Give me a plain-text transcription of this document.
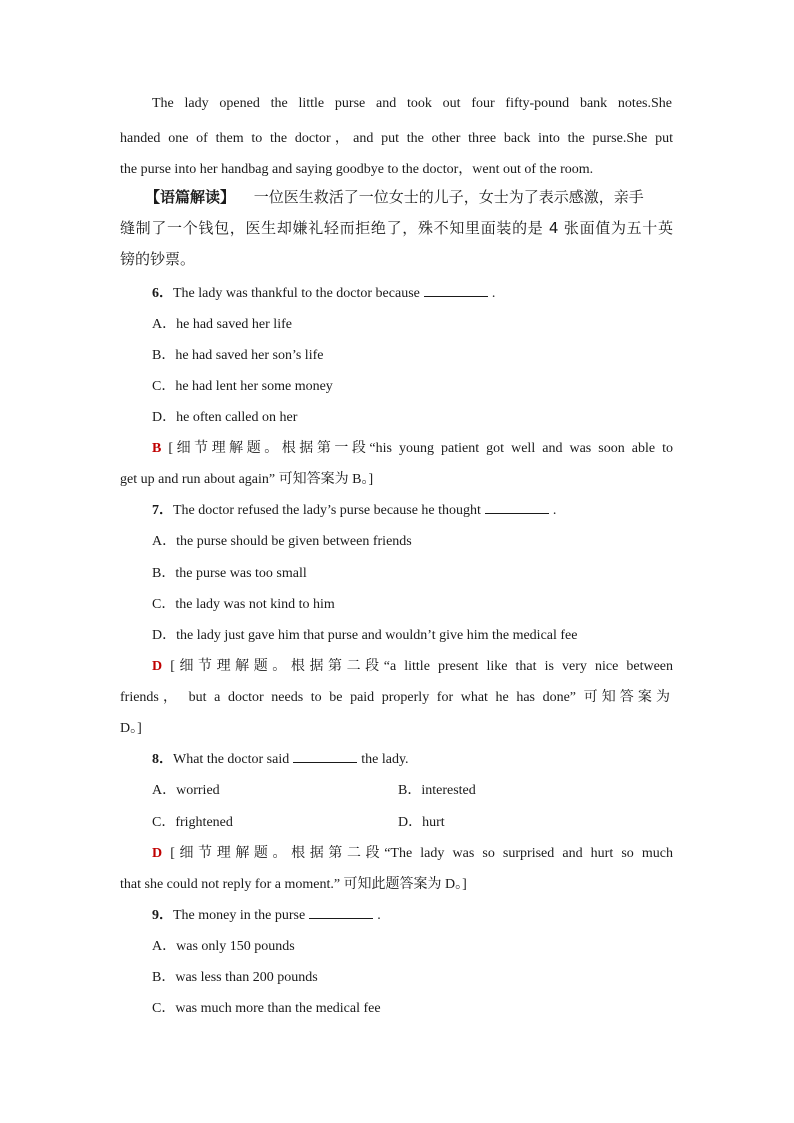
The lady opened the little purse and took out four fifty-pound bank notes.She
handed one of them to the doctor，and put the other three back into the purse.She put
the purse into her handbag and saying goodbye to the doctor，went out of the room.
【语篇解读】 一位医生救活了一位女士的儿子，女士为了表示感激，亲手
缝制了一个钱包，医生却嫌礼轻而拒绝了，殊不知里面装的是 4 张面值为五十英
镑的钞票。
6．The lady was thankful to the doctor because	.
A．he had saved her life
B．he had saved her son’s life
C．he had lent her some money
D．he often called on her
B [细节理解题。根据第一段“his young patient got well and was soon able to
get up and run about again” 可知答案为 B。]
7．The doctor refused the lady’s purse because he thought	.
A．the purse should be given between friends
B．the purse was too small
C．the lady was not kind to him
D．the lady just gave him that purse and wouldn’t give him the medical fee
D [细节理解题。根据第二段“a little present like that is very nice between
friends， but a doctor needs to be paid properly for what he has done” 可知答案为
D。]
8．What the doctor said	the lady.
A．worried	B．interested
C．frightened	D．hurt
D [细节理解题。根据第二段“The lady was so surprised and hurt so much
that she could not reply for a moment.” 可知此题答案为 D。]
9．The money in the purse	.
A．was only 150 pounds
B．was less than 200 pounds
C．was much more than the medical fee
